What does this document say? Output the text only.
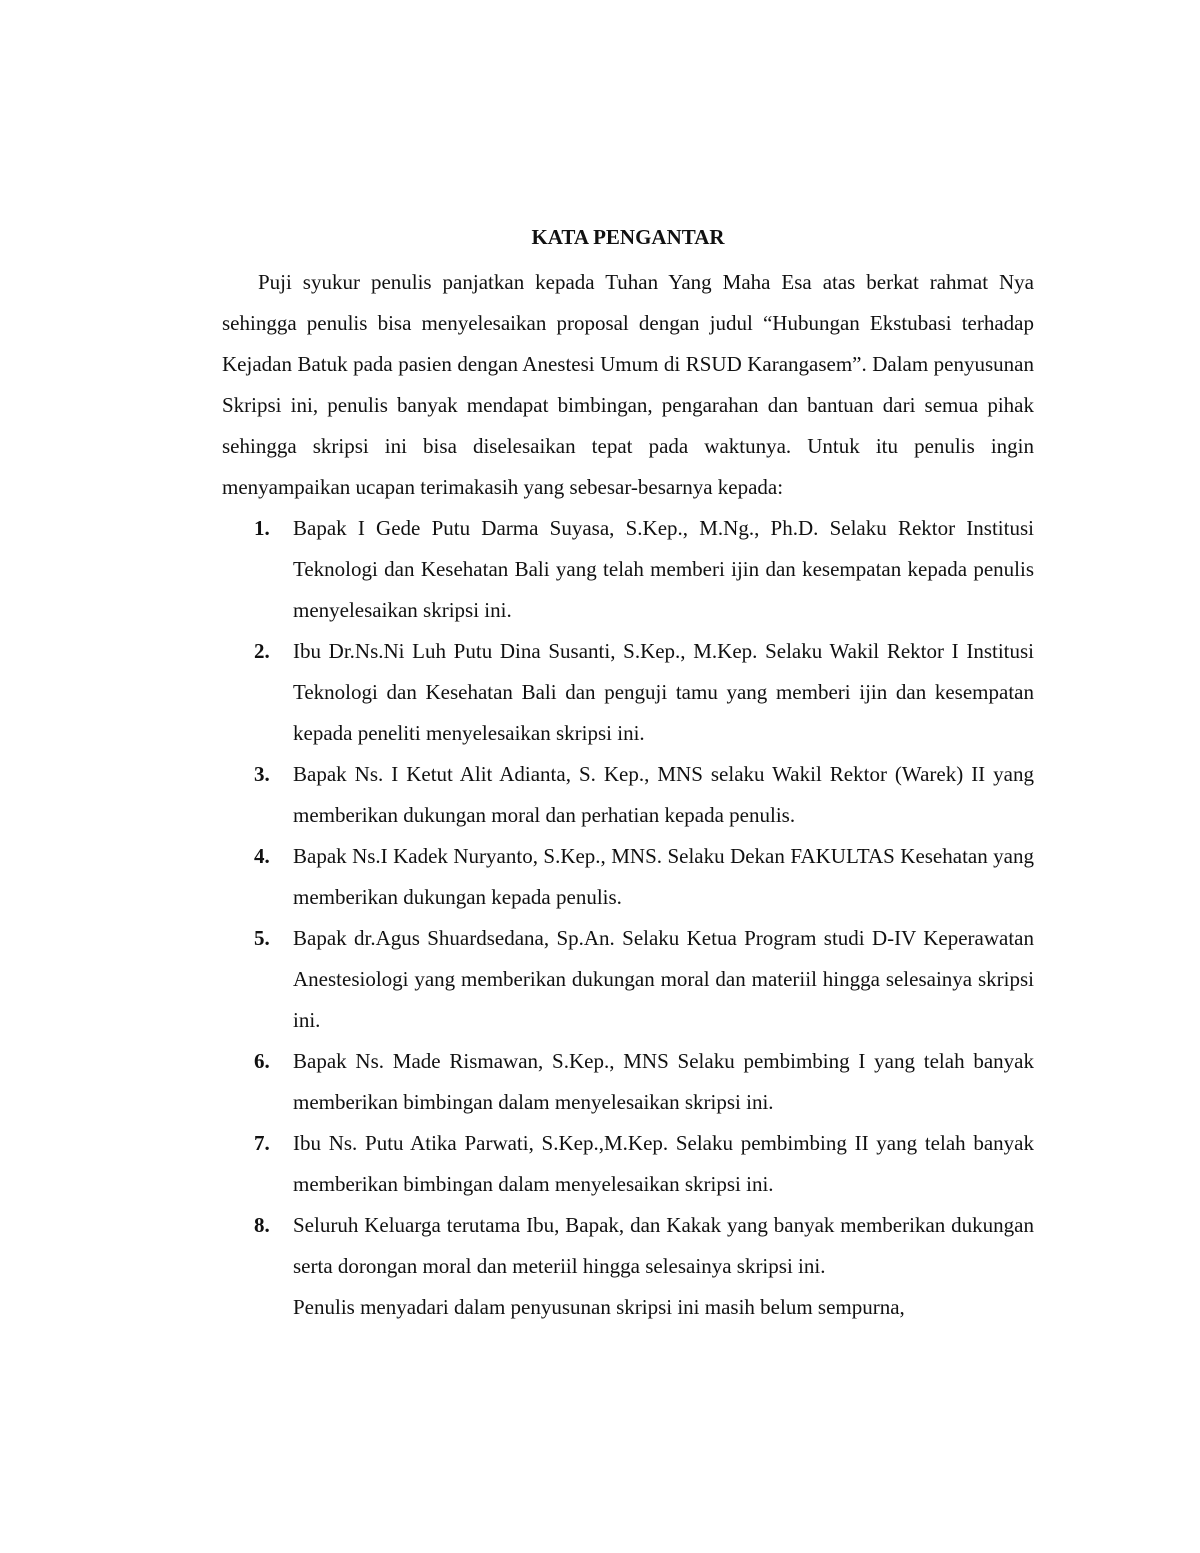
KATA PENGANTAR

Puji syukur penulis panjatkan kepada Tuhan Yang Maha Esa atas berkat rahmat Nya sehingga penulis bisa menyelesaikan proposal dengan judul “Hubungan Ekstubasi terhadap Kejadan Batuk pada pasien dengan Anestesi Umum di RSUD Karangasem”. Dalam penyusunan Skripsi ini, penulis banyak mendapat bimbingan, pengarahan dan bantuan dari semua pihak sehingga skripsi ini bisa diselesaikan tepat pada waktunya. Untuk itu penulis ingin menyampaikan ucapan terimakasih yang sebesar-besarnya kepada:

1. Bapak I Gede Putu Darma Suyasa, S.Kep., M.Ng., Ph.D. Selaku Rektor Institusi Teknologi dan Kesehatan Bali yang telah memberi ijin dan kesempatan kepada penulis menyelesaikan skripsi ini.
2. Ibu Dr.Ns.Ni Luh Putu Dina Susanti, S.Kep., M.Kep. Selaku Wakil Rektor I Institusi Teknologi dan Kesehatan Bali dan penguji tamu yang memberi ijin dan kesempatan kepada peneliti menyelesaikan skripsi ini.
3. Bapak Ns. I Ketut Alit Adianta, S. Kep., MNS selaku Wakil Rektor (Warek) II yang memberikan dukungan moral dan perhatian kepada penulis.
4. Bapak Ns.I Kadek Nuryanto, S.Kep., MNS. Selaku Dekan FAKULTAS Kesehatan yang memberikan dukungan kepada penulis.
5. Bapak dr.Agus Shuardsedana, Sp.An. Selaku Ketua Program studi D-IV Keperawatan Anestesiologi yang memberikan dukungan moral dan materiil hingga selesainya skripsi ini.
6. Bapak Ns. Made Rismawan, S.Kep., MNS Selaku pembimbing I yang telah banyak memberikan bimbingan dalam menyelesaikan skripsi ini.
7. Ibu Ns. Putu Atika Parwati, S.Kep.,M.Kep. Selaku pembimbing II yang telah banyak memberikan bimbingan dalam menyelesaikan skripsi ini.
8. Seluruh Keluarga terutama Ibu, Bapak, dan Kakak yang banyak memberikan dukungan serta dorongan moral dan meteriil hingga selesainya skripsi ini.
Penulis menyadari dalam penyusunan skripsi ini masih belum sempurna,
